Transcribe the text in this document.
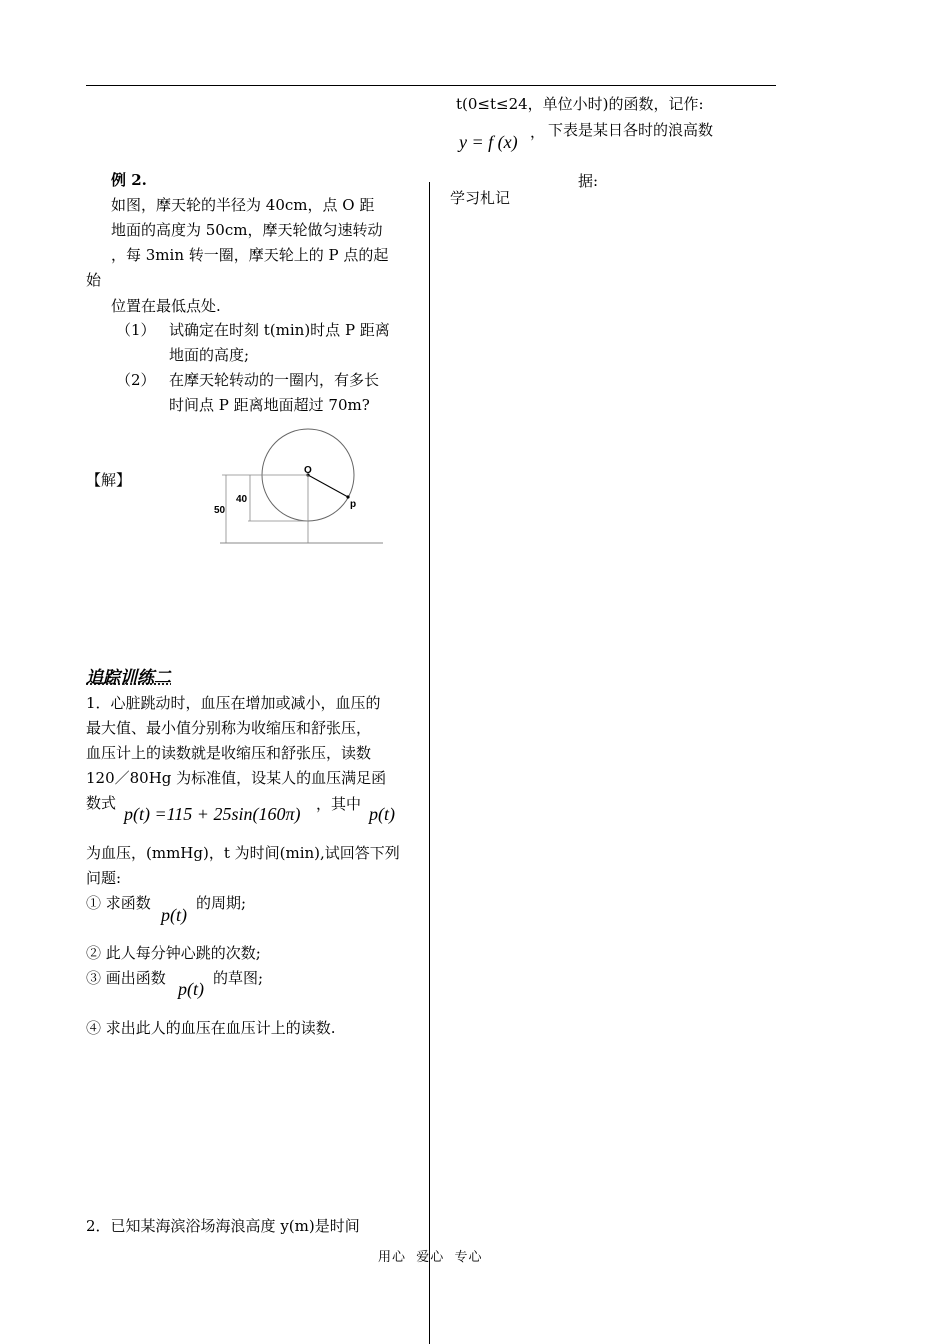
t(0≤t≤24，单位小时)的函数，记作:
y = f (x) ， 下表是某日各时的浪高数
据:
学习札记
例 2.
如图，摩天轮的半径为 40cm，点 O 距
地面的高度为 50cm，摩天轮做匀速转动
，每 3min 转一圈，摩天轮上的 P 点的起
始
位置在最低点处.
（1） 试确定在时刻 t(min)时点 P 距离
地面的高度;
（2） 在摩天轮转动的一圈内，有多长
时间点 P 距离地面超过 70m?
【解】
O
p
40
50
追踪训练二
1．心脏跳动时，血压在增加或减小，血压的
最大值、最小值分别称为收缩压和舒张压，
血压计上的读数就是收缩压和舒张压，读数
120／80Hg 为标准值，设某人的血压满足函
数式
p(t) =115 + 25sin(160π) ，其中 p(t)
为血压，(mmHg)，t 为时间(min),试回答下列
问题:
① 求函数
p(t)
的周期;
② 此人每分钟心跳的次数;
③ 画出函数
p(t)
的草图;
④ 求出此人的血压在血压计上的读数.
2．已知某海滨浴场海浪高度 y(m)是时间
用心  爱心  专心
